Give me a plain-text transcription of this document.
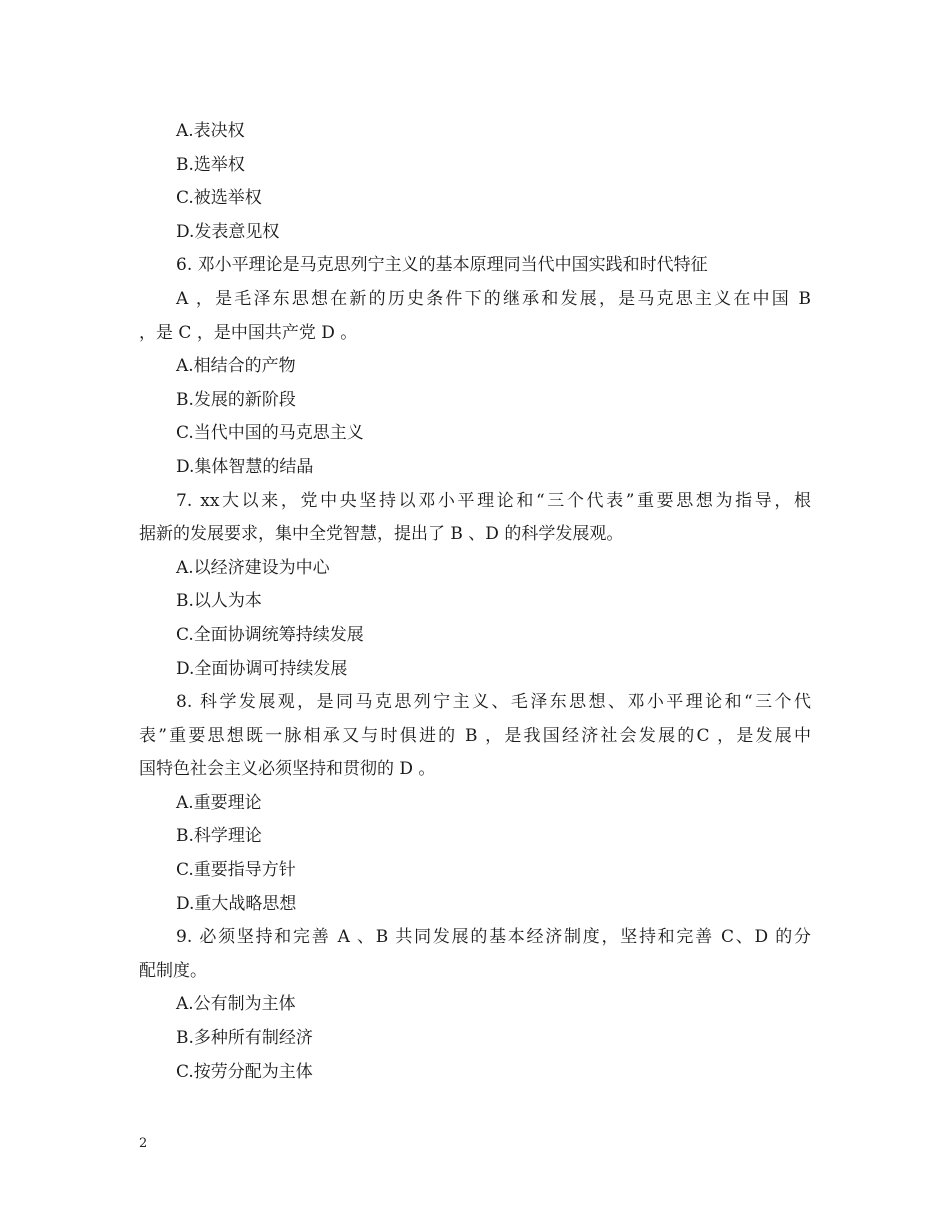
A.表决权
B.选举权
C.被选举权
D.发表意见权
6. 邓小平理论是马克思列宁主义的基本原理同当代中国实践和时代特征
A ，是毛泽东思想在新的历史条件下的继承和发展，是马克思主义在中国 B
，是 C ，是中国共产党 D 。
A.相结合的产物
B.发展的新阶段
C.当代中国的马克思主义
D.集体智慧的结晶
7. xx大以来，党中央坚持以邓小平理论和“三个代表”重要思想为指导，根
据新的发展要求，集中全党智慧，提出了 B 、D 的科学发展观。
A.以经济建设为中心
B.以人为本
C.全面协调统筹持续发展
D.全面协调可持续发展
8. 科学发展观，是同马克思列宁主义、毛泽东思想、邓小平理论和“三个代
表”重要思想既一脉相承又与时俱进的 B ，是我国经济社会发展的C ，是发展中
国特色社会主义必须坚持和贯彻的 D 。
A.重要理论
B.科学理论
C.重要指导方针
D.重大战略思想
9. 必须坚持和完善 A 、B 共同发展的基本经济制度，坚持和完善 C、D 的分
配制度。
A.公有制为主体
B.多种所有制经济
C.按劳分配为主体
2
